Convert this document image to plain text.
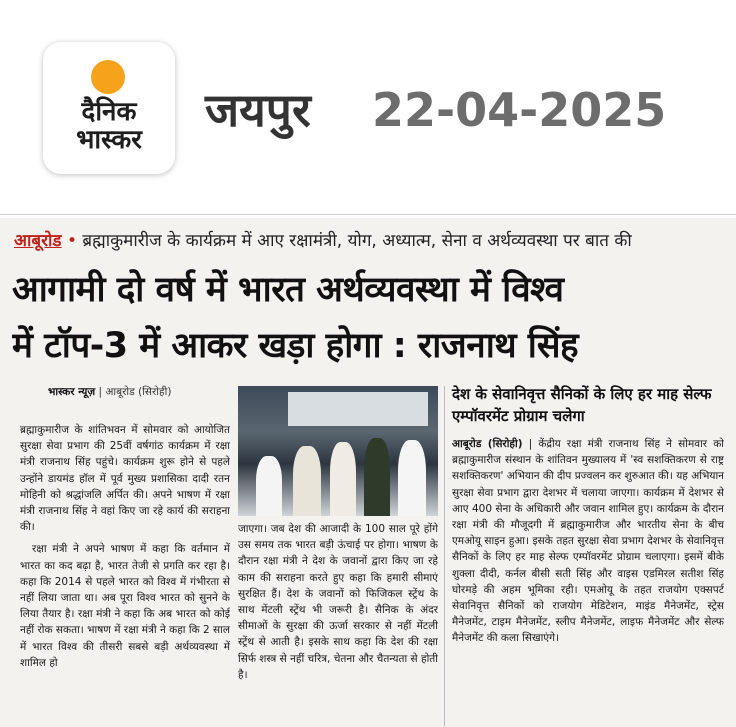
दैनिक
भास्कर
जयपुर 22-04-2025
आबूरोड • ब्रह्माकुमारीज के कार्यक्रम में आए रक्षामंत्री, योग, अध्यात्म, सेना व अर्थव्यवस्था पर बात की
आगामी दो वर्ष में भारत अर्थव्यवस्था में विश्व
में टॉप-3 में आकर खड़ा होगा : राजनाथ सिंह
भास्कर न्यूज़ | आबूरोड (सिरोही)

ब्रह्माकुमारीज के शांतिभवन में सोमवार को आयोजित सुरक्षा सेवा प्रभाग की 25वीं वर्षगांठ कार्यक्रम में रक्षा मंत्री राजनाथ सिंह पहुंचे। कार्यक्रम शुरू होने से पहले उन्होंने डायमंड हॉल में पूर्व मुख्य प्रशासिका दादी रतन मोहिनी को श्रद्धांजलि अर्पित की। अपने भाषण में रक्षा मंत्री राजनाथ सिंह ने वहां किए जा रहे कार्य की सराहना की।

रक्षा मंत्री ने अपने भाषण में कहा कि वर्तमान में भारत का कद बढ़ा है, भारत तेजी से प्रगति कर रहा है। कहा कि 2014 से पहले भारत को विश्व में गंभीरता से नहीं लिया जाता था। अब पूरा विश्व भारत को सुनने के लिया तैयार है। रक्षा मंत्री ने कहा कि अब भारत को कोई नहीं रोक सकता। भाषण में रक्षा मंत्री ने कहा कि 2 साल में भारत विश्व की तीसरी सबसे बड़ी अर्थव्यवस्था में शामिल हो

जाएगा। जब देश की आजादी के 100 साल पूरे होंगे उस समय तक भारत बड़ी ऊंचाई पर होगा। भाषण के दौरान रक्षा मंत्री ने देश के जवानों द्वारा किए जा रहे काम की सराहना करते हुए कहा कि हमारी सीमाएं सुरक्षित हैं। देश के जवानों को फिजिकल स्ट्रेंथ के साथ मेंटली स्ट्रेंथ भी जरूरी है। सैनिक के अंदर सीमाओं के सुरक्षा की ऊर्जा सरकार से नहीं मेंटली स्ट्रेंथ से आती है। इसके साथ कहा कि देश की रक्षा सिर्फ शस्त्र से नहीं चरित्र, चेतना और चैतन्यता से होती है।

देश के सेवानिवृत्त सैनिकों के लिए हर माह सेल्फ एम्पॉवरमेंट प्रोग्राम चलेगा

आबूरोड (सिरोही) | केंद्रीय रक्षा मंत्री राजनाथ सिंह ने सोमवार को ब्रह्माकुमारीज संस्थान के शांतिवन मुख्यालय में 'स्व सशक्तिकरण से राष्ट्र सशक्तिकरण' अभियान की दीप प्रज्वलन कर शुरुआत की। यह अभियान सुरक्षा सेवा प्रभाग द्वारा देशभर में चलाया जाएगा। कार्यक्रम में देशभर से आए 400 सेना के अधिकारी और जवान शामिल हुए। कार्यक्रम के दौरान रक्षा मंत्री की मौजूदगी में ब्रह्माकुमारीज और भारतीय सेना के बीच एमओयू साइन हुआ। इसके तहत सुरक्षा सेवा प्रभाग देशभर के सेवानिवृत्त सैनिकों के लिए हर माह सेल्फ एम्पॉवरमेंट प्रोग्राम चलाएगा। इसमें बीके शुक्ला दीदी, कर्नल बीसी सती सिंह और वाइस एडमिरल सतीश सिंह घोरमड़े की अहम भूमिका रही। एमओयू के तहत राजयोग एक्सपर्ट सेवानिवृत्त सैनिकों को राजयोग मेडिटेशन, माइंड मैनेजमेंट, स्ट्रेस मैनेजमेंट, टाइम मैनेजमेंट, स्लीप मैनेजमेंट, लाइफ मैनेजमेंट और सेल्फ मैनेजमेंट की कला सिखाएंगे।
